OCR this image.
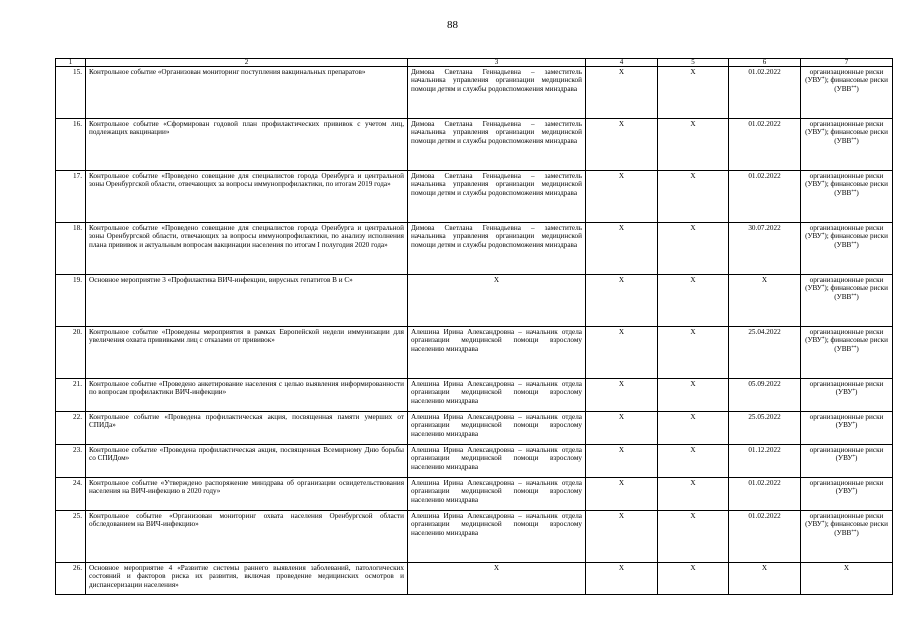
88
1	2	3	4	5	6	7
15.	Контрольное событие «Организован мониторинг поступления вакцинальных препаратов»	Димова Светлана Геннадьевна – заместитель начальника управления организации медицинской помощи детям и службы родовспоможения минздрава	Х	Х	01.02.2022	организационные риски (УВУ*); финансовые риски (УВВ**)
16.	Контрольное событие «Сформирован годовой план профилактических прививок с учетом лиц, подлежащих вакцинации»	Димова Светлана Геннадьевна – заместитель начальника управления организации медицинской помощи детям и службы родовспоможения минздрава	Х	Х	01.02.2022	организационные риски (УВУ*); финансовые риски (УВВ**)
17.	Контрольное событие «Проведено совещание для специалистов города Оренбурга и центральной зоны Оренбургской области, отвечающих за вопросы иммунопрофилактики, по итогам 2019 года»	Димова Светлана Геннадьевна – заместитель начальника управления организации медицинской помощи детям и службы родовспоможения минздрава	Х	Х	01.02.2022	организационные риски (УВУ*); финансовые риски (УВВ**)
18.	Контрольное событие «Проведено совещание для специалистов города Оренбурга и центральной зоны Оренбургской области, отвечающих за вопросы иммунопрофилактики, по анализу исполнения плана прививок и актуальным вопросам вакцинации населения по итогам I полугодия 2020 года»	Димова Светлана Геннадьевна – заместитель начальника управления организации медицинской помощи детям и службы родовспоможения минздрава	Х	Х	30.07.2022	организационные риски (УВУ*); финансовые риски (УВВ**)
19.	Основное мероприятие 3 «Профилактика ВИЧ-инфекции, вирусных гепатитов В и С»	Х	Х	Х	Х	организационные риски (УВУ*); финансовые риски (УВВ**)
20.	Контрольное событие «Проведены мероприятия в рамках Европейской недели иммунизации для увеличения охвата прививками лиц с отказами от прививок»	Алешина Ирина Александровна – начальник отдела организации медицинской помощи взрослому населению минздрава	Х	Х	25.04.2022	организационные риски (УВУ*); финансовые риски (УВВ**)
21.	Контрольное событие «Проведено анкетирование населения с целью выявления информированности по вопросам профилактики ВИЧ-инфекции»	Алешина Ирина Александровна – начальник отдела организации медицинской помощи взрослому населению минздрава	Х	Х	05.09.2022	организационные риски (УВУ*)
22.	Контрольное событие «Проведена профилактическая акция, посвященная памяти умерших от СПИДа»	Алешина Ирина Александровна – начальник отдела организации медицинской помощи взрослому населению минздрава	Х	Х	25.05.2022	организационные риски (УВУ*)
23.	Контрольное событие «Проведена профилактическая акция, посвященная Всемирному Дню борьбы со СПИДом»	Алешина Ирина Александровна – начальник отдела организации медицинской помощи взрослому населению минздрава	Х	Х	01.12.2022	организационные риски (УВУ*)
24.	Контрольное событие «Утверждено распоряжение минздрава об организации освидетельствования населения на ВИЧ-инфекцию в 2020 году»	Алешина Ирина Александровна – начальник отдела организации медицинской помощи взрослому населению минздрава	Х	Х	01.02.2022	организационные риски (УВУ*)
25.	Контрольное событие «Организован мониторинг охвата населения Оренбургской области обследованием на ВИЧ-инфекцию»	Алешина Ирина Александровна – начальник отдела организации медицинской помощи взрослому населению минздрава	Х	Х	01.02.2022	организационные риски (УВУ*); финансовые риски (УВВ**)
26.	Основное мероприятие 4 «Развитие системы раннего выявления заболеваний, патологических состояний и факторов риска их развития, включая проведение медицинских осмотров и диспансеризации населения»	Х	Х	Х	Х	Х
